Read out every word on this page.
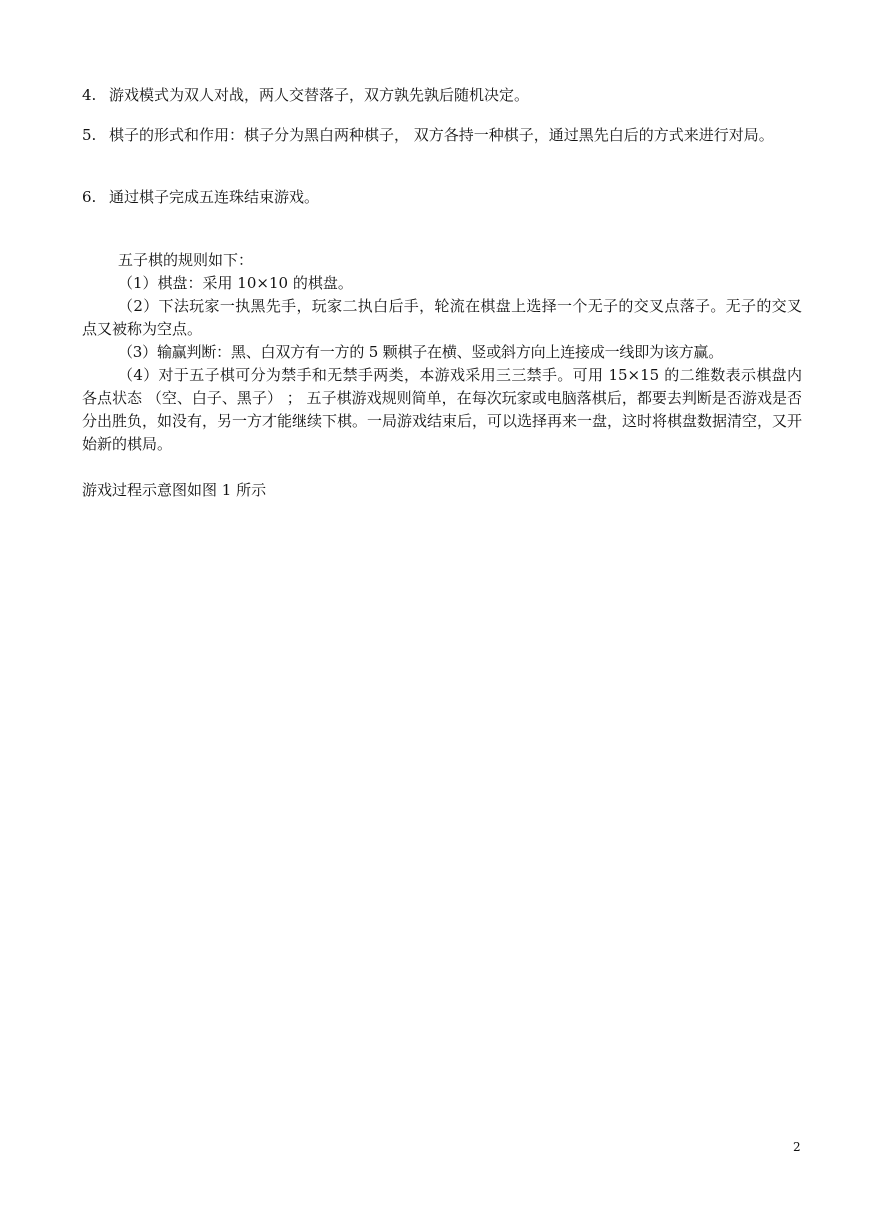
4. 游戏模式为双人对战，两人交替落子，双方孰先孰后随机决定。
5. 棋子的形式和作用：棋子分为黑白两种棋子， 双方各持一种棋子，通过黑先白后的方式来进行对局。
6. 通过棋子完成五连珠结束游戏。

五子棋的规则如下：

（1）棋盘：采用 10×10 的棋盘。

（2）下法玩家一执黑先手，玩家二执白后手，轮流在棋盘上选择一个无子的交叉点落子。无子的交叉点又被称为空点。

（3）输赢判断：黑、白双方有一方的 5 颗棋子在横、竖或斜方向上连接成一线即为该方赢。

（4）对于五子棋可分为禁手和无禁手两类，本游戏采用三三禁手。可用 15×15 的二维数表示棋盘内各点状态 （空、白子、黑子） ； 五子棋游戏规则简单，在每次玩家或电脑落棋后，都要去判断是否游戏是否分出胜负，如没有，另一方才能继续下棋。一局游戏结束后，可以选择再来一盘，这时将棋盘数据清空，又开始新的棋局。

游戏过程示意图如图 1 所示
2
